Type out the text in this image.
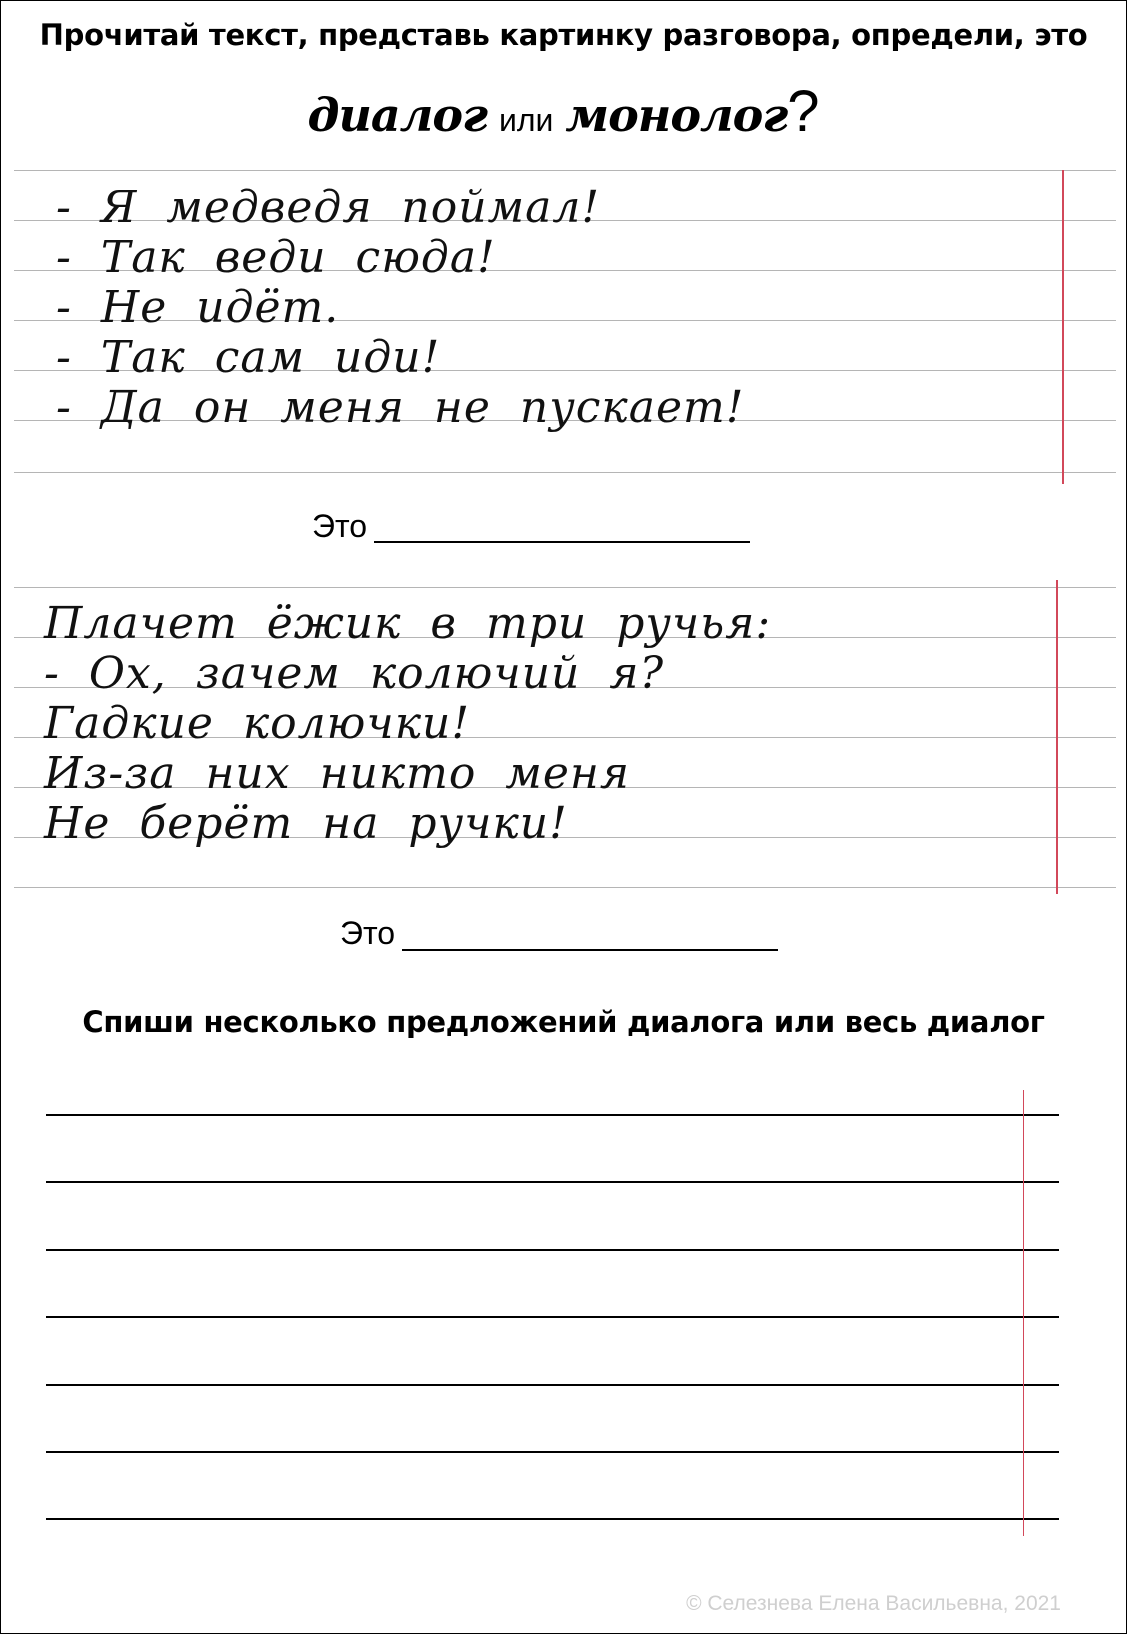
Прочитай текст, представь картинку разговора, определи, это
диалог или монолог?
- Я медведя поймал!
- Так веди сюда!
- Не идёт.
- Так сам иди!
- Да он меня не пускает!
Это
Плачет ёжик в три ручья:
- Ох, зачем колючий я?
Гадкие колючки!
Из-за них никто меня
Не берёт на ручки!
Это
Спиши несколько предложений диалога или весь диалог
© Селезнева Елена Васильевна, 2021
